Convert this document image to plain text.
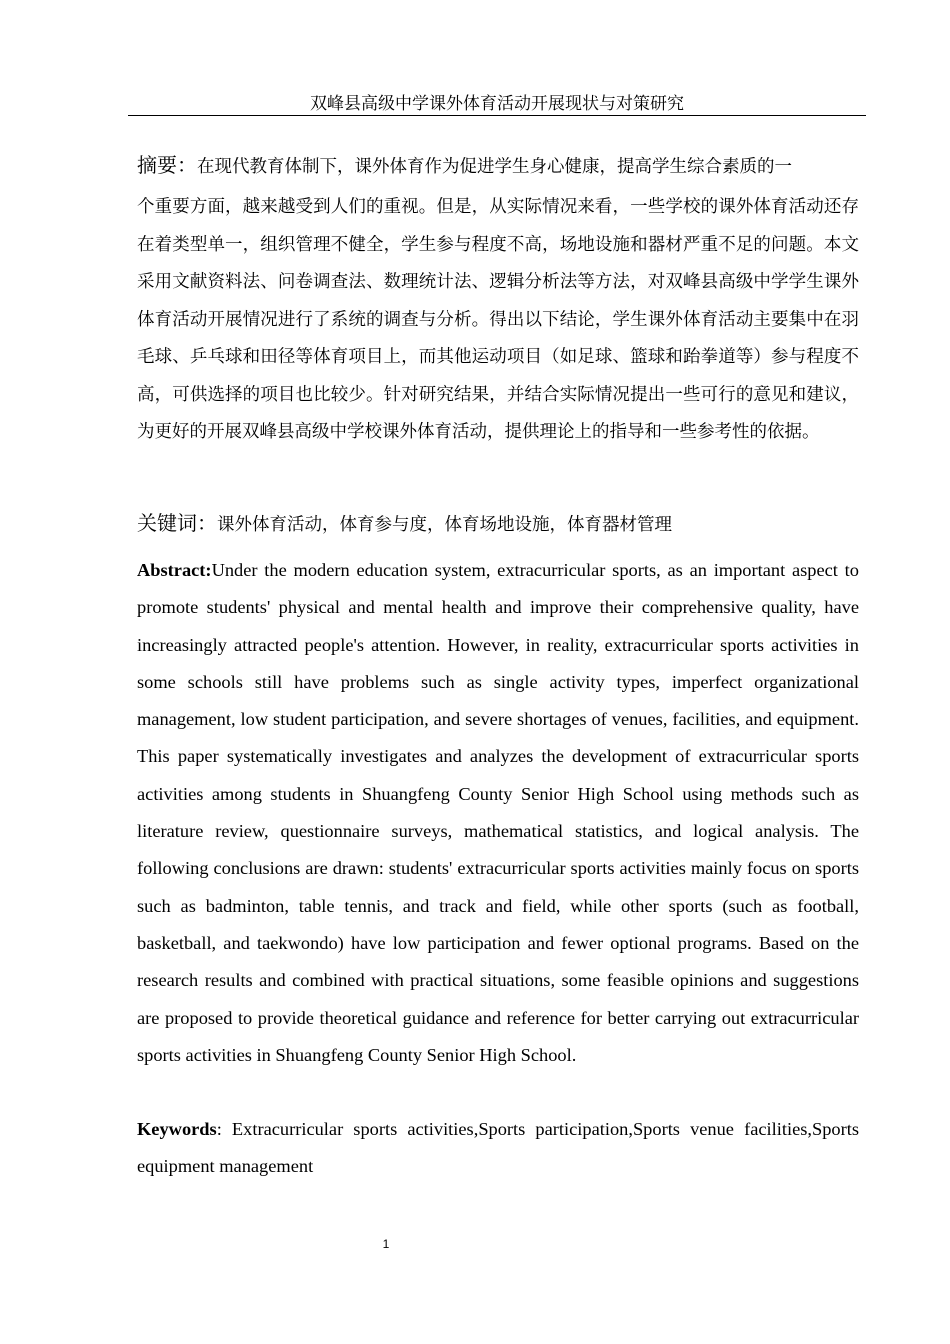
双峰县高级中学课外体育活动开展现状与对策研究
摘要：在现代教育体制下，课外体育作为促进学生身心健康，提高学生综合素质的一
个重要方面，越来越受到人们的重视。但是，从实际情况来看，一些学校的课外体育活动还存在着类型单一，组织管理不健全，学生参与程度不高，场地设施和器材严重不足的问题。本文采用文献资料法、问卷调查法、数理统计法、逻辑分析法等方法，对双峰县高级中学学生课外体育活动开展情况进行了系统的调查与分析。得出以下结论，学生课外体育活动主要集中在羽毛球、乒乓球和田径等体育项目上，而其他运动项目（如足球、篮球和跆拳道等）参与程度不高，可供选择的项目也比较少。针对研究结果，并结合实际情况提出一些可行的意见和建议，为更好的开展双峰县高级中学校课外体育活动，提供理论上的指导和一些参考性的依据。
关键词：课外体育活动，体育参与度，体育场地设施，体育器材管理
Abstract:Under the modern education system, extracurricular sports, as an important aspect to promote students' physical and mental health and improve their comprehensive quality, have increasingly attracted people's attention. However, in reality, extracurricular sports activities in some schools still have problems such as single activity types, imperfect organizational management, low student participation, and severe shortages of venues, facilities, and equipment. This paper systematically investigates and analyzes the development of extracurricular sports activities among students in Shuangfeng County Senior High School using methods such as literature review, questionnaire surveys, mathematical statistics, and logical analysis. The following conclusions are drawn: students' extracurricular sports activities mainly focus on sports such as badminton, table tennis, and track and field, while other sports (such as football, basketball, and taekwondo) have low participation and fewer optional programs. Based on the research results and combined with practical situations, some feasible opinions and suggestions are proposed to provide theoretical guidance and reference for better carrying out extracurricular sports activities in Shuangfeng County Senior High School.
Keywords: Extracurricular sports activities,Sports participation,Sports venue facilities,Sports equipment management
1
